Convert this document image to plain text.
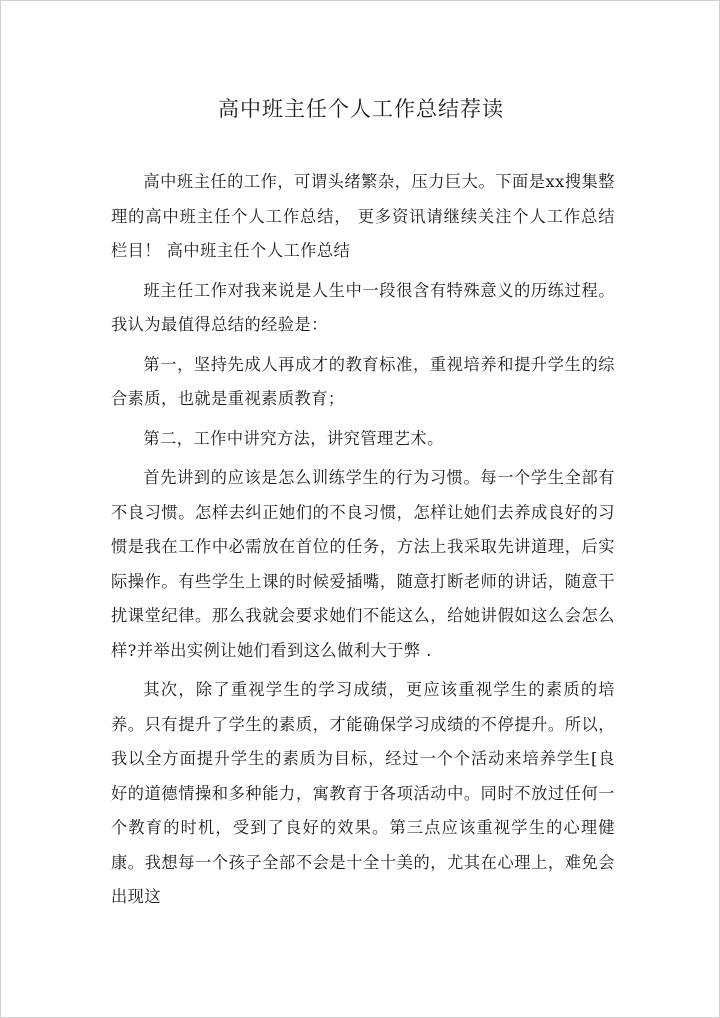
高中班主任个人工作总结荐读

高中班主任的工作，可谓头绪繁杂，压力巨大。下面是xx搜集整理的高中班主任个人工作总结， 更多资讯请继续关注个人工作总结栏目！ 高中班主任个人工作总结

班主任工作对我来说是人生中一段很含有特殊意义的历练过程。我认为最值得总结的经验是：

第一，坚持先成人再成才的教育标准，重视培养和提升学生的综合素质，也就是重视素质教育；

第二，工作中讲究方法，讲究管理艺术。

首先讲到的应该是怎么训练学生的行为习惯。每一个学生全部有不良习惯。怎样去纠正她们的不良习惯，怎样让她们去养成良好的习惯是我在工作中必需放在首位的任务，方法上我采取先讲道理，后实际操作。有些学生上课的时候爱插嘴，随意打断老师的讲话，随意干扰课堂纪律。那么我就会要求她们不能这么，给她讲假如这么会怎么样?并举出实例让她们看到这么做利大于弊 .

其次，除了重视学生的学习成绩，更应该重视学生的素质的培养。只有提升了学生的素质，才能确保学习成绩的不停提升。所以，我以全方面提升学生的素质为目标，经过一个个活动来培养学生[良好的道德情操和多种能力，寓教育于各项活动中。同时不放过任何一个教育的时机，受到了良好的效果。第三点应该重视学生的心理健康。我想每一个孩子全部不会是十全十美的，尤其在心理上，难免会出现这
